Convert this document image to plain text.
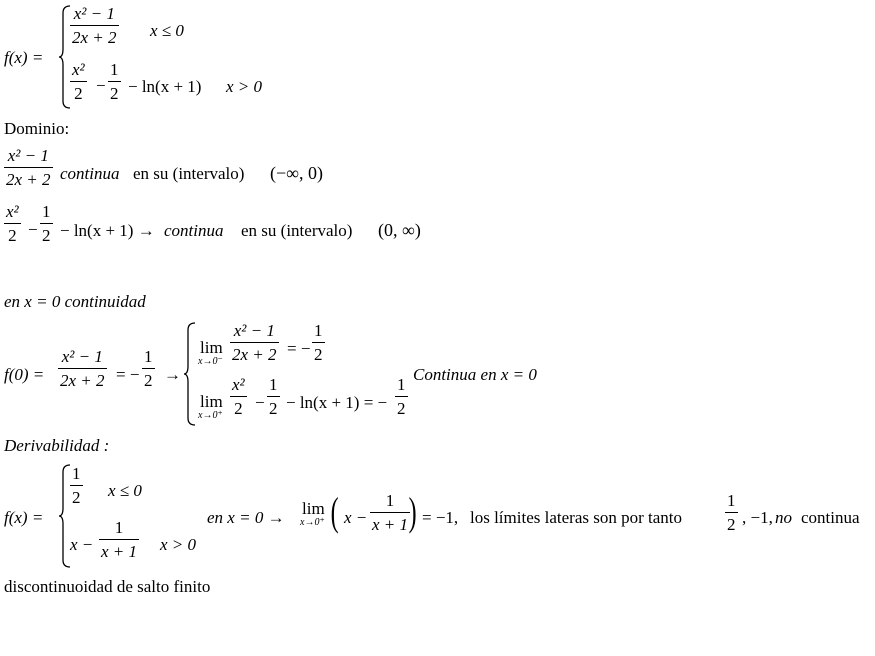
f(x) =
$\frac{\text{x² − 1}}{2x + 2}$ x ≤ 0
$\frac{\text{x²}}{2} - \frac{1}{2} - \ln(x + 1) x > 0$
Dominio:
$\frac{\text{x² − 1}}{2x + 2}$ continua en su (intervalo) (−∞, 0)
$\frac{\text{x²}}{2} - \frac{1}{2} - \ln(x + 1)$ → continua en su (intervalo) (0, ∞)
en x = 0 continuidad
$f(0) = \frac{\text{x² − 1}}{2x + 2}$ = − $\frac{1}{2}$ →
lim
$x\to 0^- \frac{\text{x² − 1}}{2x + 2}$ = − $\frac{1}{2}$
lim
$x\to 0^+ \frac{\text{x²}}{2} - \frac{1}{2} - \ln(x + 1)$ = − $\frac{1}{2}$
Continua en x = 0
Derivabilidad :
f(x) =
$\frac{1}{2}$ x ≤ 0
$x - \frac{1}{x + 1}$ x > 0
en x = 0 → lim
x→0⁺ ( $x - \frac{1}{x + 1}$
) = −1, los límites lateras son por tanto	$\frac{1}{2}$ , −1, no continua
discontinuoidad de salto finito
